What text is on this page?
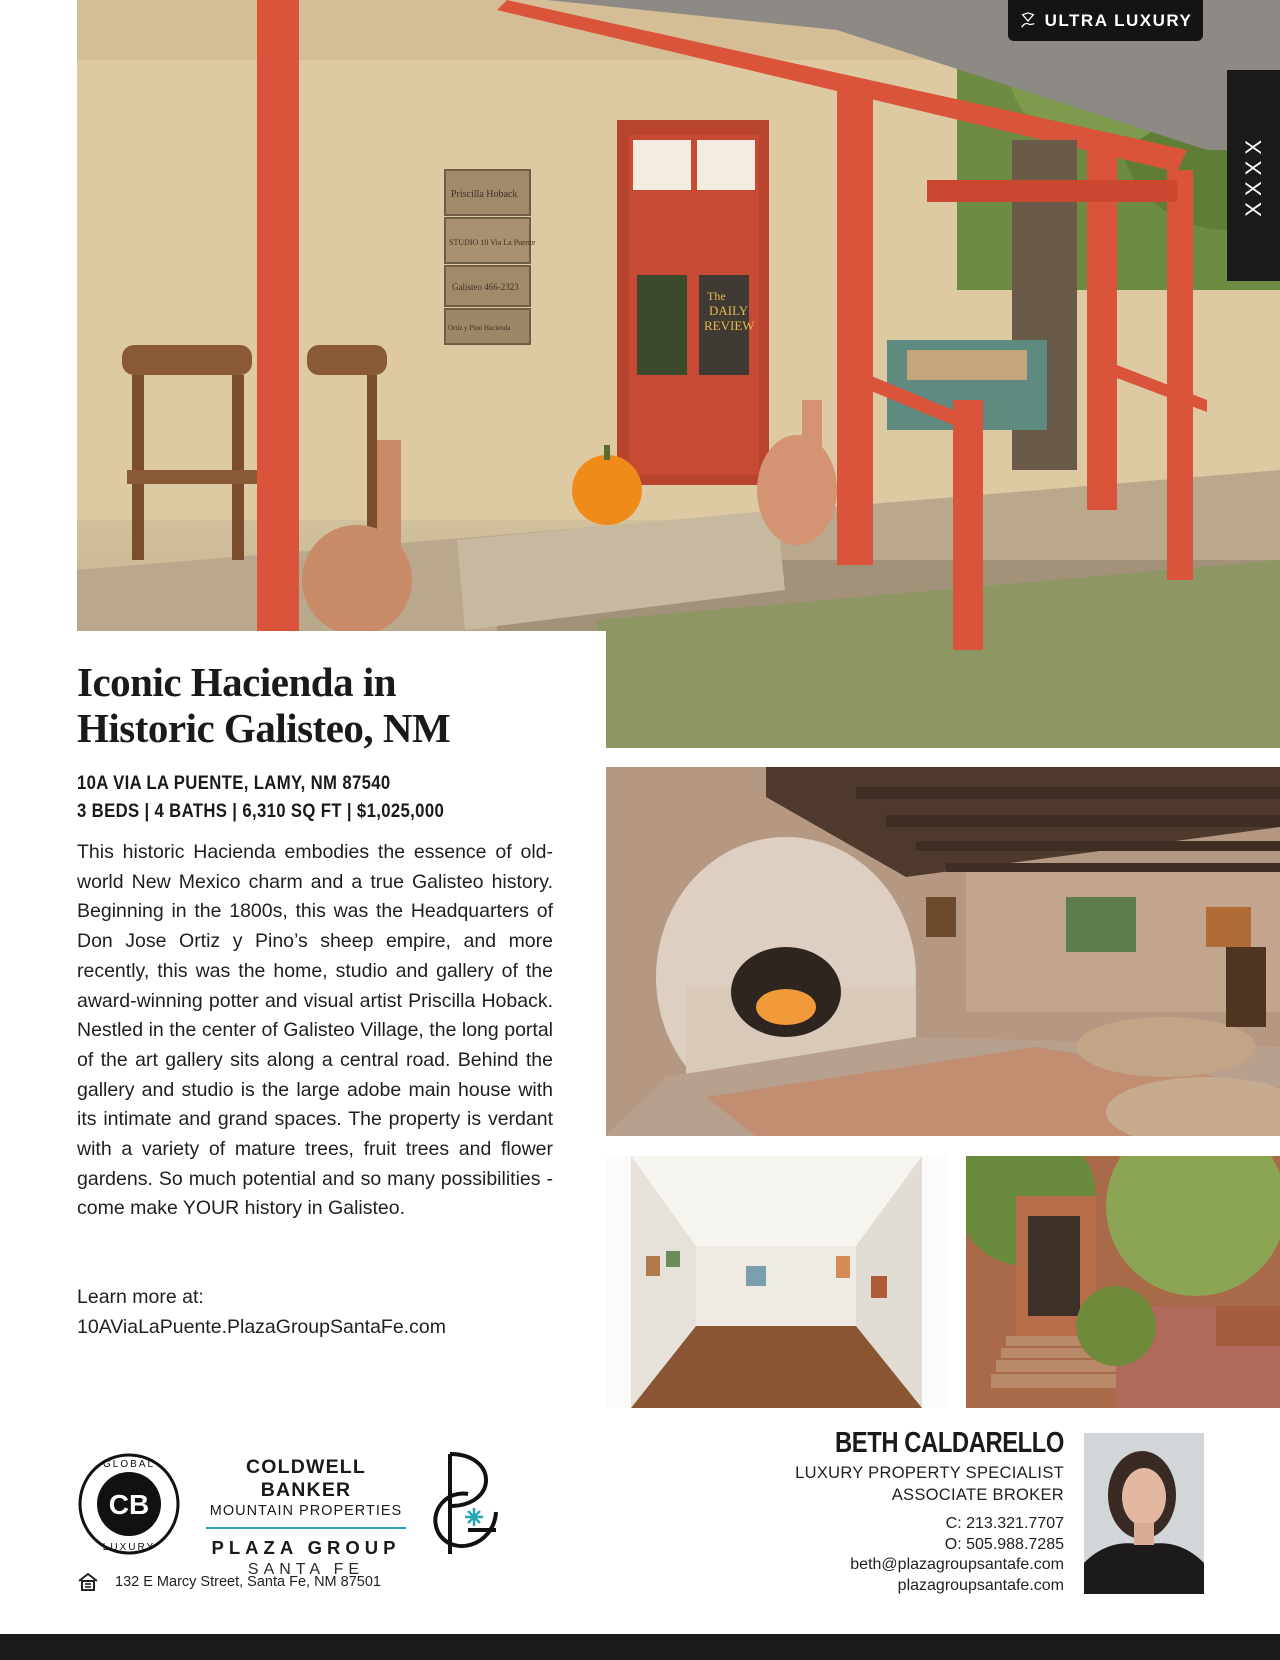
The
DAILY
REVIEW
Priscilla Hoback
STUDIO 10 Via La Puente
Galisteo 466-2323
Ortiz y Pino Hacienda
ULTRA LUXURY
XXXX
Iconic Hacienda in
Historic Galisteo, NM
10A VIA LA PUENTE, LAMY, NM 87540
3 BEDS | 4 BATHS | 6,310 SQ FT | $1,025,000

This historic Hacienda embodies the essence of old-world New Mexico charm and a true Galisteo history. Beginning in the 1800s, this was the Headquarters of Don Jose Ortiz y Pino’s sheep empire, and more recently, this was the home, studio and gallery of the award-winning potter and visual artist Priscilla Hoback. Nestled in the center of Galisteo Village, the long portal of the art gallery sits along a central road. Behind the gallery and studio is the large adobe main house with its intimate and grand spaces. The property is verdant with a variety of mature trees, fruit trees and flower gardens. So much potential and so many possibilities - come make YOUR history in Galisteo.

Learn more at:
10AViaLaPuente.PlazaGroupSantaFe.com
CB
GLOBAL
LUXURY
COLDWELL BANKER
MOUNTAIN PROPERTIES
PLAZA GROUP
SANTA FE
132 E Marcy Street, Santa Fe, NM 87501
BETH CALDARELLO
LUXURY PROPERTY SPECIALIST
ASSOCIATE BROKER
C: 213.321.7707
O: 505.988.7285
beth@plazagroupsantafe.com
plazagroupsantafe.com
